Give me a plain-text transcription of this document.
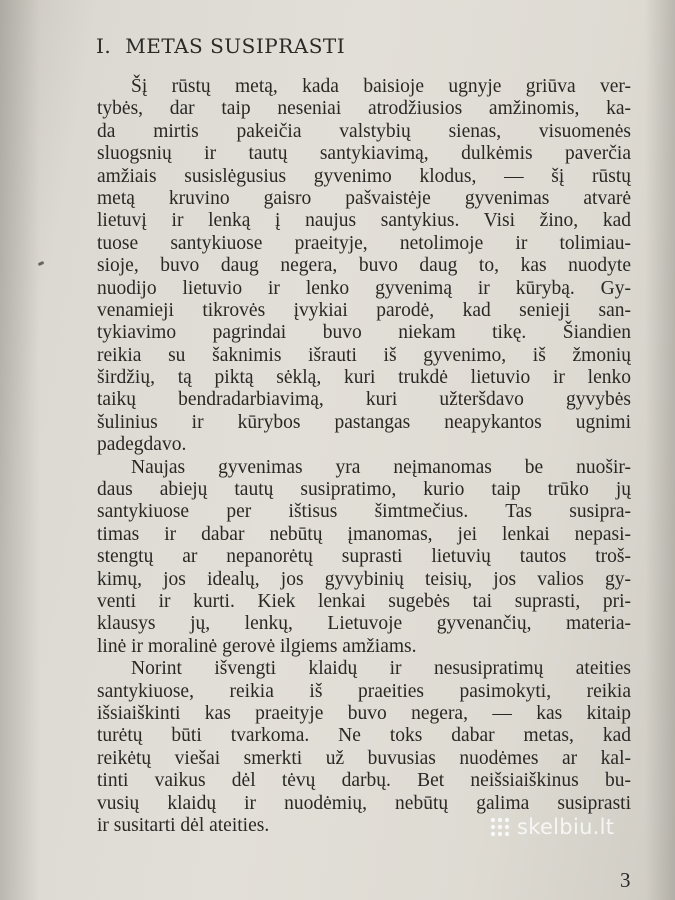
I. METAS SUSIPRASTI
Šį rūstų metą, kada baisioje ugnyje griūva ver-
tybės, dar taip neseniai atrodžiusios amžinomis, ka-
da mirtis pakeičia valstybių sienas, visuomenės
sluogsnių ir tautų santykiavimą, dulkėmis paverčia
amžiais susislėgusius gyvenimo klodus, — šį rūstų
metą kruvino gaisro pašvaistėje gyvenimas atvarė
lietuvį ir lenką į naujus santykius. Visi žino, kad
tuose santykiuose praeityje, netolimoje ir tolimiau-
sioje, buvo daug negera, buvo daug to, kas nuodyte
nuodijo lietuvio ir lenko gyvenimą ir kūrybą. Gy-
venamieji tikrovės įvykiai parodė, kad senieji san-
tykiavimo pagrindai buvo niekam tikę. Šiandien
reikia su šaknimis išrauti iš gyvenimo, iš žmonių
širdžių, tą piktą sėklą, kuri trukdė lietuvio ir lenko
taikų bendradarbiavimą, kuri užteršdavo gyvybės
šulinius ir kūrybos pastangas neapykantos ugnimi
padegdavo.
Naujas gyvenimas yra neįmanomas be nuošir-
daus abiejų tautų susipratimo, kurio taip trūko jų
santykiuose per ištisus šimtmečius. Tas susipra-
timas ir dabar nebūtų įmanomas, jei lenkai nepasi-
stengtų ar nepanorėtų suprasti lietuvių tautos troš-
kimų, jos idealų, jos gyvybinių teisių, jos valios gy-
venti ir kurti. Kiek lenkai sugebės tai suprasti, pri-
klausys jų, lenkų, Lietuvoje gyvenančių, materia-
linė ir moralinė gerovė ilgiems amžiams.
Norint išvengti klaidų ir nesusipratimų ateities
santykiuose, reikia iš praeities pasimokyti, reikia
išsiaiškinti kas praeityje buvo negera, — kas kitaip
turėtų būti tvarkoma. Ne toks dabar metas, kad
reikėtų viešai smerkti už buvusias nuodėmes ar kal-
tinti vaikus dėl tėvų darbų. Bet neišsiaiškinus bu-
vusių klaidų ir nuodėmių, nebūtų galima susiprasti
ir susitarti dėl ateities.
3
skelbiu.lt
